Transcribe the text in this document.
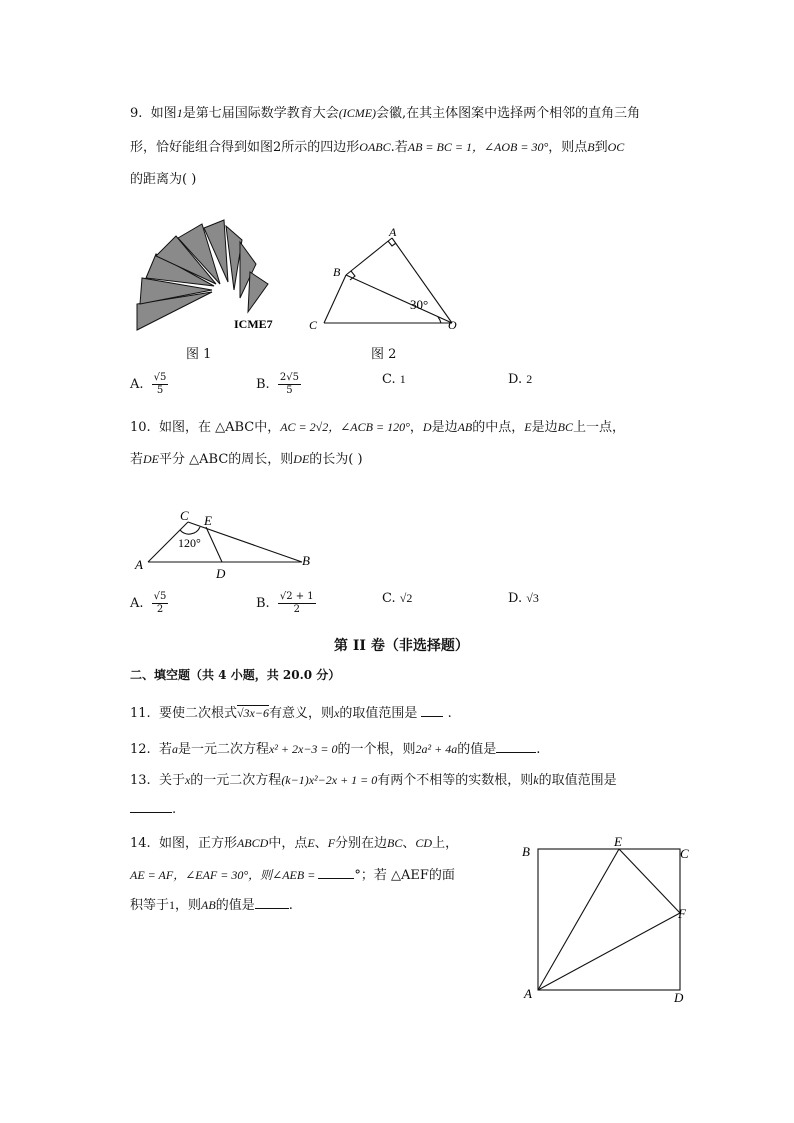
9. 如图1是第七届国际数学教育大会(ICME)会徽,在其主体图案中选择两个相邻的直角三角
形，恰好能组合得到如图2所示的四边形OABC.若AB = BC = 1，∠AOB = 30°，则点B到OC
的距离为( )
ICME7
图 1
A
B
C	O
30°
图 2
A. $\frac{√5}{5}$	B. $\frac{2√5}{5}$	C. 1	D. 2
10. 如图，在 △ABC中，AC = 2√2，∠ACB = 120°，D是边AB的中点，E是边BC上一点，
若DE平分 △ABC的周长，则DE的长为( )
C E
A	B
D
120°
A. $\frac{√5}{2}$	B. $\frac{√2 + 1}{2}$	C. √2	D. √3
第 II 卷（非选择题）
二、填空题（共 4 小题，共 20.0 分）
11. 要使二次根式√3x−6有意义，则x的取值范围是 .
12. 若a是一元二次方程x² + 2x−3 = 0的一个根，则2a² + 4a的值是	.
13. 关于x的一元二次方程(k−1)x²−2x + 1 = 0有两个不相等的实数根，则k的取值范围是
.
14. 如图，正方形ABCD中，点E、F分别在边BC、CD上，
AE = AF，∠EAF = 30°，则∠AEB =	°；若 △AEF的面
积等于1，则AB的值是	.
B
E
C
F
A	D
